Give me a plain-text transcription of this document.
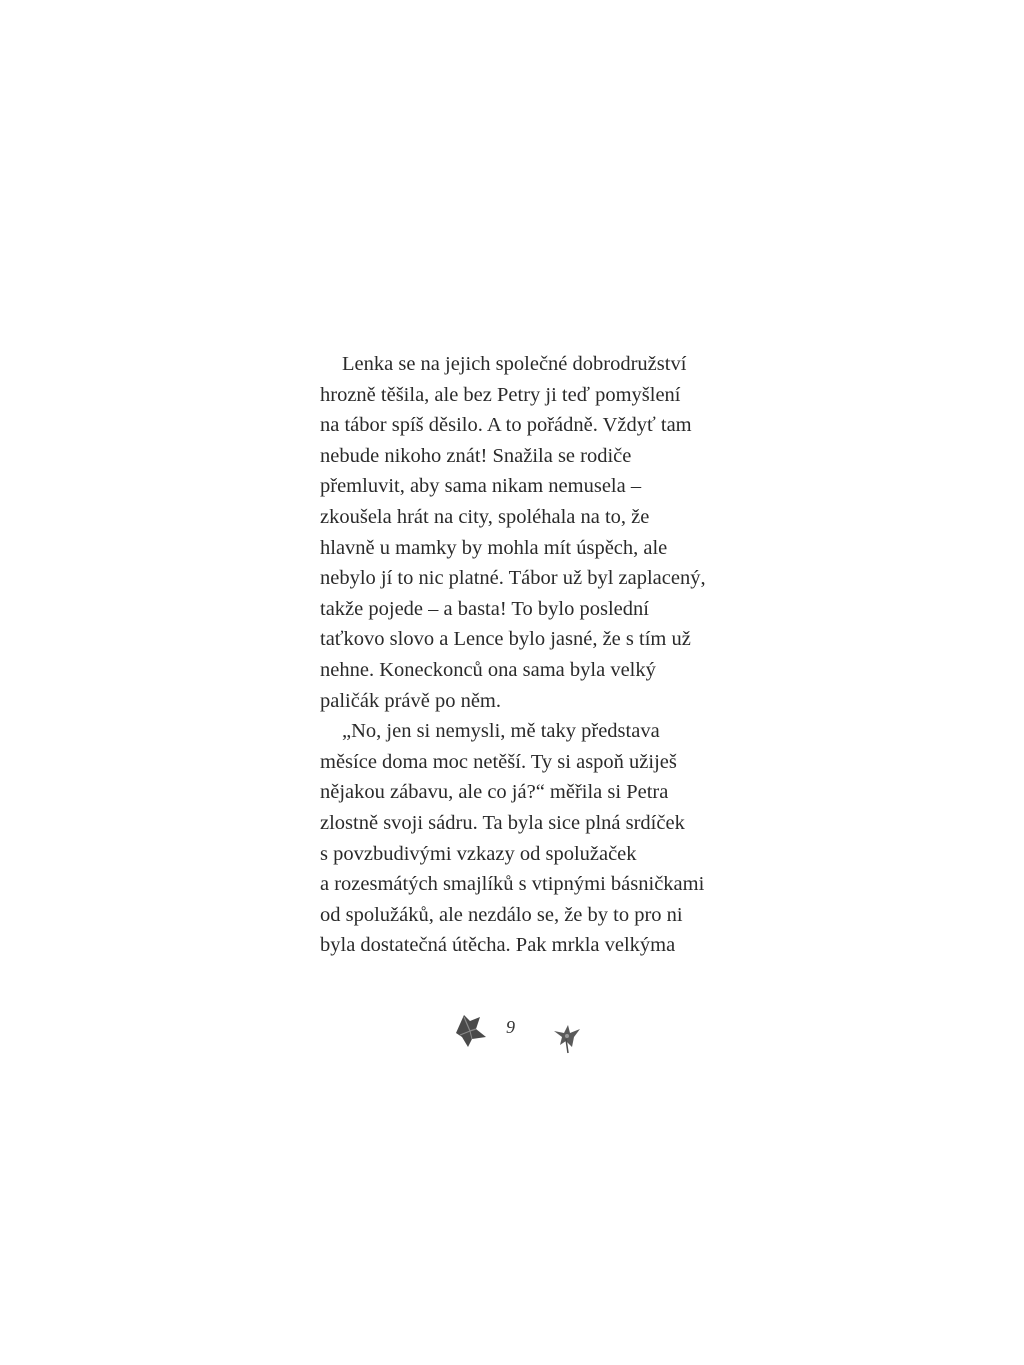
Lenka se na jejich společné dobrodružství
hrozně těšila, ale bez Petry ji teď pomyšlení
na tábor spíš děsilo. A to pořádně. Vždyť tam
nebude nikoho znát! Snažila se rodiče
přemluvit, aby sama nikam nemusela –
zkoušela hrát na city, spoléhala na to, že
hlavně u mamky by mohla mít úspěch, ale
nebylo jí to nic platné. Tábor už byl zaplacený,
takže pojede – a basta! To bylo poslední
taťkovo slovo a Lence bylo jasné, že s tím už
nehne. Koneckonců ona sama byla velký
paličák právě po něm.
„No, jen si nemysli, mě taky představa
měsíce doma moc netěší. Ty si aspoň užiješ
nějakou zábavu, ale co já?“ měřila si Petra
zlostně svoji sádru. Ta byla sice plná srdíček
s povzbudivými vzkazy od spolužaček
a rozesmátých smajlíků s vtipnými básničkami
od spolužáků, ale nezdálo se, že by to pro ni
byla dostatečná útěcha. Pak mrkla velkýma
9
